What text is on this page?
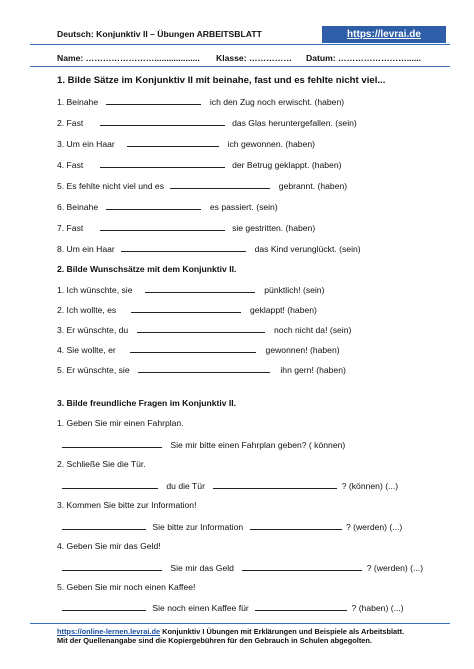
Deutsch: Konjunktiv II – Übungen ARBEITSBLATT	https://levrai.de
Name: ……………………................... Klasse: …………… Datum: ……………………......
1. Bilde Sätze im Konjunktiv II mit beinahe, fast und es fehlte nicht viel...
1. Beinahe	ich den Zug noch erwischt. (haben)
2. Fast	das Glas heruntergefallen. (sein)
3. Um ein Haar	ich gewonnen. (haben)
4. Fast	der Betrug geklappt. (haben)
5. Es fehlte nicht viel und es	gebrannt. (haben)
6. Beinahe	es passiert. (sein)
7. Fast	sie gestritten. (haben)
8. Um ein Haar	das Kind verunglückt. (sein)
2. Bilde Wunschsätze mit dem Konjunktiv II.
1. Ich wünschte, sie	pünktlich! (sein)
2. Ich wollte, es	geklappt! (haben)
3. Er wünschte, du	noch nicht da! (sein)
4. Sie wollte, er	gewonnen! (haben)
5. Er wünschte, sie	ihn gern! (haben)
3. Bilde freundliche Fragen im Konjunktiv II.
1. Geben Sie mir einen Fahrplan.
Sie mir bitte einen Fahrplan geben? ( können)
2. Schließe Sie die Tür.
du die Tür	? (können) (...)
3. Kommen Sie bitte zur Information!
Sie bitte zur Information	? (werden) (...)
4. Geben Sie mir das Geld!
Sie mir das Geld	? (werden) (...)
5. Geben Sie mir noch einen Kaffee!
Sie noch einen Kaffee für	? (haben) (...)
https://online-lernen.levrai.de Konjunktiv I Übungen mit Erklärungen und Beispiele als Arbeitsblatt.
Mit der Quellenangabe sind die Kopiergebühren für den Gebrauch in Schulen abgegolten.
